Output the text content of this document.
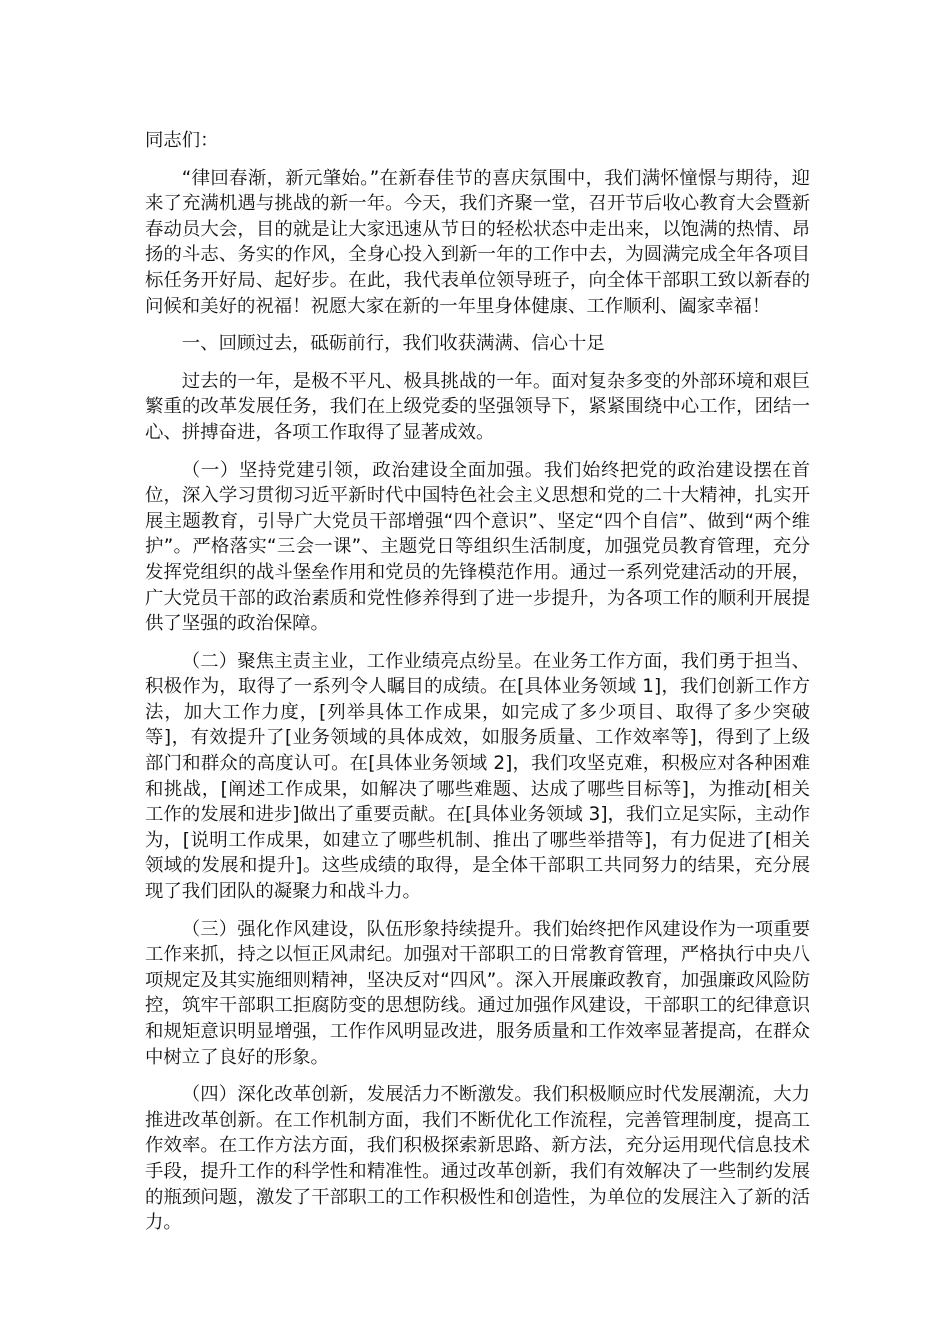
同志们：

“律回春渐，新元肇始。”在新春佳节的喜庆氛围中，我们满怀憧憬与期待，迎来了充满机遇与挑战的新一年。今天，我们齐聚一堂，召开节后收心教育大会暨新春动员大会，目的就是让大家迅速从节日的轻松状态中走出来，以饱满的热情、昂扬的斗志、务实的作风，全身心投入到新一年的工作中去，为圆满完成全年各项目标任务开好局、起好步。在此，我代表单位领导班子，向全体干部职工致以新春的问候和美好的祝福！祝愿大家在新的一年里身体健康、工作顺利、阖家幸福！

一、回顾过去，砥砺前行，我们收获满满、信心十足

过去的一年，是极不平凡、极具挑战的一年。面对复杂多变的外部环境和艰巨繁重的改革发展任务，我们在上级党委的坚强领导下，紧紧围绕中心工作，团结一心、拼搏奋进，各项工作取得了显著成效。

（一）坚持党建引领，政治建设全面加强。我们始终把党的政治建设摆在首位，深入学习贯彻习近平新时代中国特色社会主义思想和党的二十大精神，扎实开展主题教育，引导广大党员干部增强“四个意识”、坚定“四个自信”、做到“两个维护”。严格落实“三会一课”、主题党日等组织生活制度，加强党员教育管理，充分发挥党组织的战斗堡垒作用和党员的先锋模范作用。通过一系列党建活动的开展，广大党员干部的政治素质和党性修养得到了进一步提升，为各项工作的顺利开展提供了坚强的政治保障。

（二）聚焦主责主业，工作业绩亮点纷呈。在业务工作方面，我们勇于担当、积极作为，取得了一系列令人瞩目的成绩。在[具体业务领域 1]，我们创新工作方法，加大工作力度，[列举具体工作成果，如完成了多少项目、取得了多少突破等]，有效提升了[业务领域的具体成效，如服务质量、工作效率等]，得到了上级部门和群众的高度认可。在[具体业务领域 2]，我们攻坚克难，积极应对各种困难和挑战，[阐述工作成果，如解决了哪些难题、达成了哪些目标等]，为推动[相关工作的发展和进步]做出了重要贡献。在[具体业务领域 3]，我们立足实际，主动作为，[说明工作成果，如建立了哪些机制、推出了哪些举措等]，有力促进了[相关领域的发展和提升]。这些成绩的取得，是全体干部职工共同努力的结果，充分展现了我们团队的凝聚力和战斗力。

（三）强化作风建设，队伍形象持续提升。我们始终把作风建设作为一项重要工作来抓，持之以恒正风肃纪。加强对干部职工的日常教育管理，严格执行中央八项规定及其实施细则精神，坚决反对“四风”。深入开展廉政教育，加强廉政风险防控，筑牢干部职工拒腐防变的思想防线。通过加强作风建设，干部职工的纪律意识和规矩意识明显增强，工作作风明显改进，服务质量和工作效率显著提高，在群众中树立了良好的形象。

（四）深化改革创新，发展活力不断激发。我们积极顺应时代发展潮流，大力推进改革创新。在工作机制方面，我们不断优化工作流程，完善管理制度，提高工作效率。在工作方法方面，我们积极探索新思路、新方法，充分运用现代信息技术手段，提升工作的科学性和精准性。通过改革创新，我们有效解决了一些制约发展的瓶颈问题，激发了干部职工的工作积极性和创造性，为单位的发展注入了新的活力。
